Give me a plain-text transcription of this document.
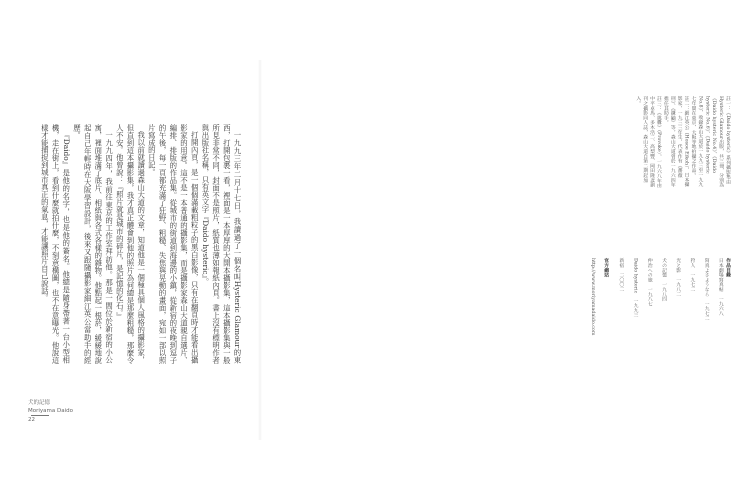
一九九三年二月十七日，我讀過了一個名叫Hysteric Glamour的東西，打開包裹一看，裡面是一本厚厚的大開本攝影集，這本攝影集與一般所見非常不同，封面不是照片，紙質也薄如報紙內頁。書上沒有標明作者與出版社名稱，只有英文字『Daido hysteric』。

打開內頁，是一個個滿載粗粒子的黑白影像，只有在翻頁時才能看出攝影家的用意。這不是一本普通的攝影集，而是攝影家森山大道親自選片、編排、排版的作品集。從城市的街道到海邊的小鎮，從新宿的夜晚到逗子的午後，每一頁都充滿了狂野、粗糙、失焦與晃動的畫面，宛如一部以照片寫成的日記。

我以前就讀過森山大道的文章，知道他是一個極具個人風格的攝影家，但直到這本攝影集，我才真正體會到他的照片為何總是那麼粗糙，那麼令人不安。他曾說：『照片就是城市的碎片，是記憶的化石。』

一九九四年，我前往東京的工作室拜訪他。那是一間位於新宿的小公寓，裡面堆滿了底片、相紙與各式各樣的雜物。他點起一根菸，緩緩地說起自己年輕時在大阪學習設計，後來又跟隨攝影家細江英公當助手的經歷。

『Daido』是他的名字，也是他的簽名。他總是隨身帶著一台小型相機，走在街上，看到什麼就拍什麼，不刻意構圖，也不在意曝光。他說這樣才能捕捉到城市真正的氣息，才能讓照片自己說話。

犬的記憶
Moriyama Daido
22

註一：《Daido hysteric》系列攝影集由Hysteric Glamour出版，共三冊，分別為《Daido hysteric No.4》、《Daido hysteric No.6》、《Daido hysteric No.8》，收錄森山大道於一九九三至一九九七年間在東京、大阪等地拍攝之作品。

註二：細江英公（Hosoe Eikoh），日本攝影家，一九三三年生，代表作有《薔薇刑》、《鎌鼬》等，森山大道曾於一九六四年擔任其助手。

註三：《挑釁》（Provoke），一九六八年由中平卓馬、多木浩二、高梨豐、岡田隆彥創刊之攝影同人誌，森山大道自第二期起加入。

作品目錄

日本劇場寫真帖　一九六八

寫真よさようなら　一九七二

狩人　一九七二

光と影　一九八二

犬の記憶　一九八四

仲治への旅　一九八七

Daido hysteric　一九九三

新宿　二〇〇二

官方網站

http://www.moriyamadaido.com
